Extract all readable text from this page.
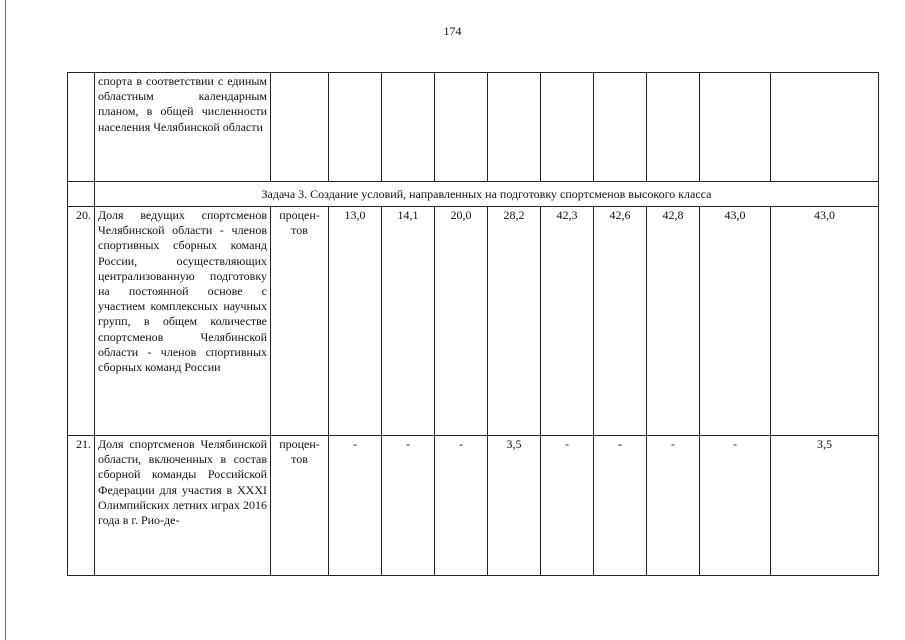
174
	спорта в соответствии с единым областным календарным планом, в общей численности населения Челябинской области										
	Задача 3. Создание условий, направленных на подготовку спортсменов высокого класса										
20.	Доля ведущих спортсменов Челябинской области - членов спортивных сборных команд России, осуществляющих централизованную подготовку на постоянной основе с участием комплексных научных групп, в общем количестве спортсменов Челябинской области - членов спортивных сборных команд России	процен- тов	13,0	14,1	20,0	28,2	42,3	42,6	42,8	43,0	43,0
21.	Доля спортсменов Челябинской области, включенных в состав сборной команды Российской Федерации для участия в XXXI Олимпийских летних играх 2016 года в г. Рио-де-	процен- тов	-	-	-	3,5	-	-	-	-	3,5
